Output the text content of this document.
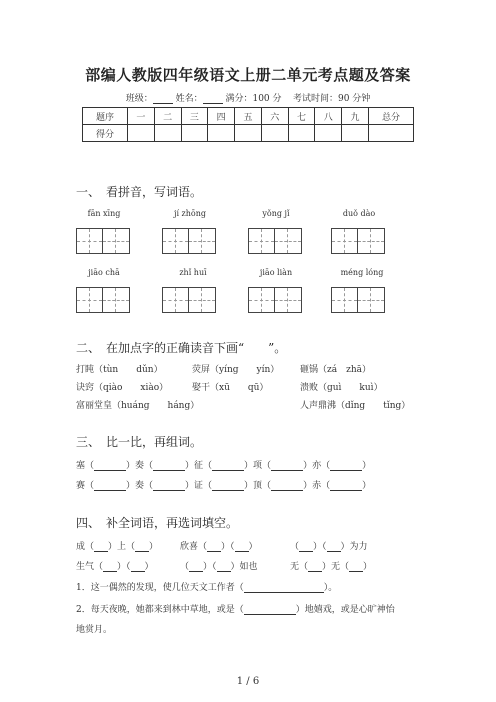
部编人教版四年级语文上册二单元考点题及答案
班级：	姓名：	满分：100 分 考试时间：90 分钟
题序	一	二	三	四	五	六	七	八	九	总分
得分										
一、　看拼音，写词语。
fān xīng	jí zhōng	yǒng jǐ	duǒ dào
jiāo chā	zhǐ huī	jiāo liàn	méng lóng
二、　在加点字的正确读音下画“　　”。
打盹（tùn　　dǔn）	荧屏（yíng　　yín） 砸锅（zá　zhā）
诀窍（qiào　　xiào）	娶干（xū　　qū）	溃败（guì　　kuì）
富丽堂皇（huáng　　háng）	人声鼎沸（dǐng　　tǐng）
三、　比一比，再组词。
塞（	）奏（	）征（	）项（	）亦（	）
赛（	）奏（	）证（	）顶（	）赤（	）
四、　补全词语，再选词填空。
成（ ）上（ ） 欣喜（ ）（ ）	（ ）（ ）为力
生气（ ）（ ）	（ ）（ ）如也	无（ ）无（ ）
1．这一偶然的发现，使几位天文工作者（	）。
2．每天夜晚，她都来到林中草地，或是（	）地嬉戏，或是心旷神怡
地赏月。
1 / 6
